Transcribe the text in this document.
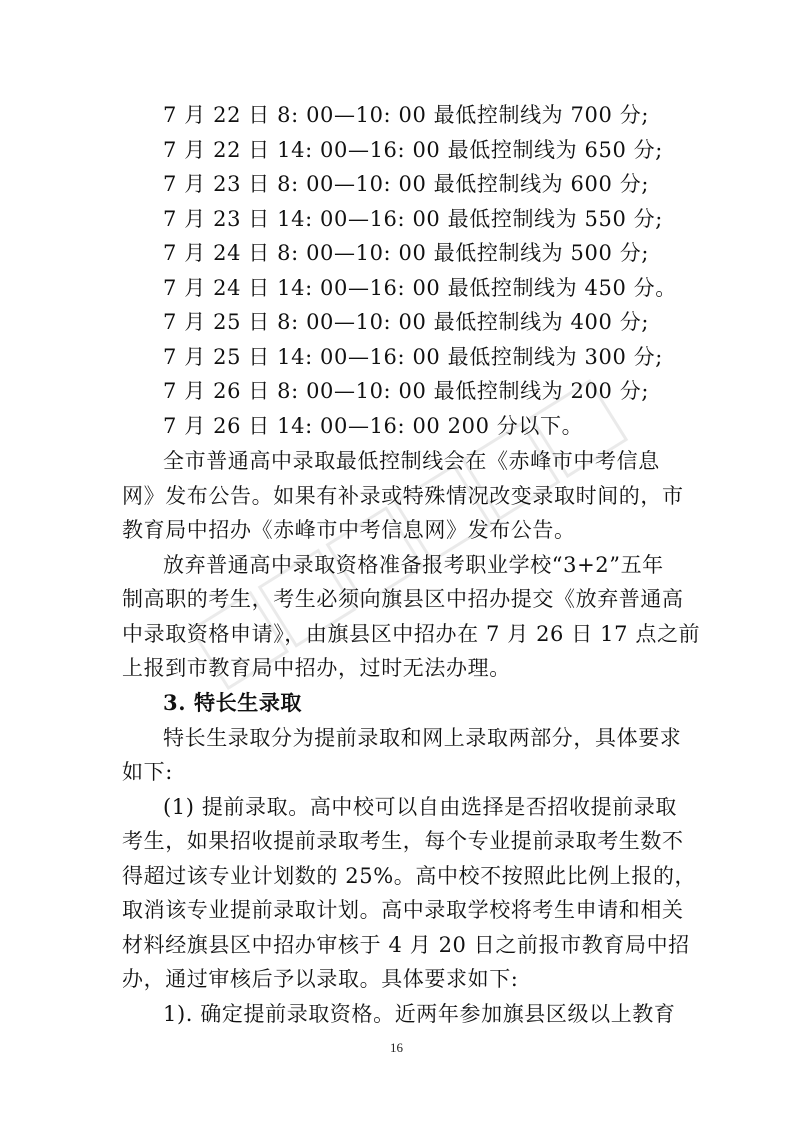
7 月 22 日 8: 00—10: 00 最低控制线为 700 分;
7 月 22 日 14: 00—16: 00 最低控制线为 650 分;
7 月 23 日 8: 00—10: 00 最低控制线为 600 分;
7 月 23 日 14: 00—16: 00 最低控制线为 550 分;
7 月 24 日 8: 00—10: 00 最低控制线为 500 分;
7 月 24 日 14: 00—16: 00 最低控制线为 450 分。
7 月 25 日 8: 00—10: 00 最低控制线为 400 分;
7 月 25 日 14: 00—16: 00 最低控制线为 300 分;
7 月 26 日 8: 00—10: 00 最低控制线为 200 分;
7 月 26 日 14: 00—16: 00 200 分以下。
全市普通高中录取最低控制线会在《赤峰市中考信息
网》发布公告。如果有补录或特殊情况改变录取时间的，市
教育局中招办《赤峰市中考信息网》发布公告。
放弃普通高中录取资格准备报考职业学校“3+2”五年
制高职的考生，考生必须向旗县区中招办提交《放弃普通高
中录取资格申请》，由旗县区中招办在 7 月 26 日 17 点之前
上报到市教育局中招办，过时无法办理。
3. 特长生录取
特长生录取分为提前录取和网上录取两部分，具体要求
如下:
(1) 提前录取。高中校可以自由选择是否招收提前录取
考生，如果招收提前录取考生，每个专业提前录取考生数不
得超过该专业计划数的 25%。高中校不按照此比例上报的，
取消该专业提前录取计划。高中录取学校将考生申请和相关
材料经旗县区中招办审核于 4 月 20 日之前报市教育局中招
办，通过审核后予以录取。具体要求如下:
1). 确定提前录取资格。近两年参加旗县区级以上教育
16
